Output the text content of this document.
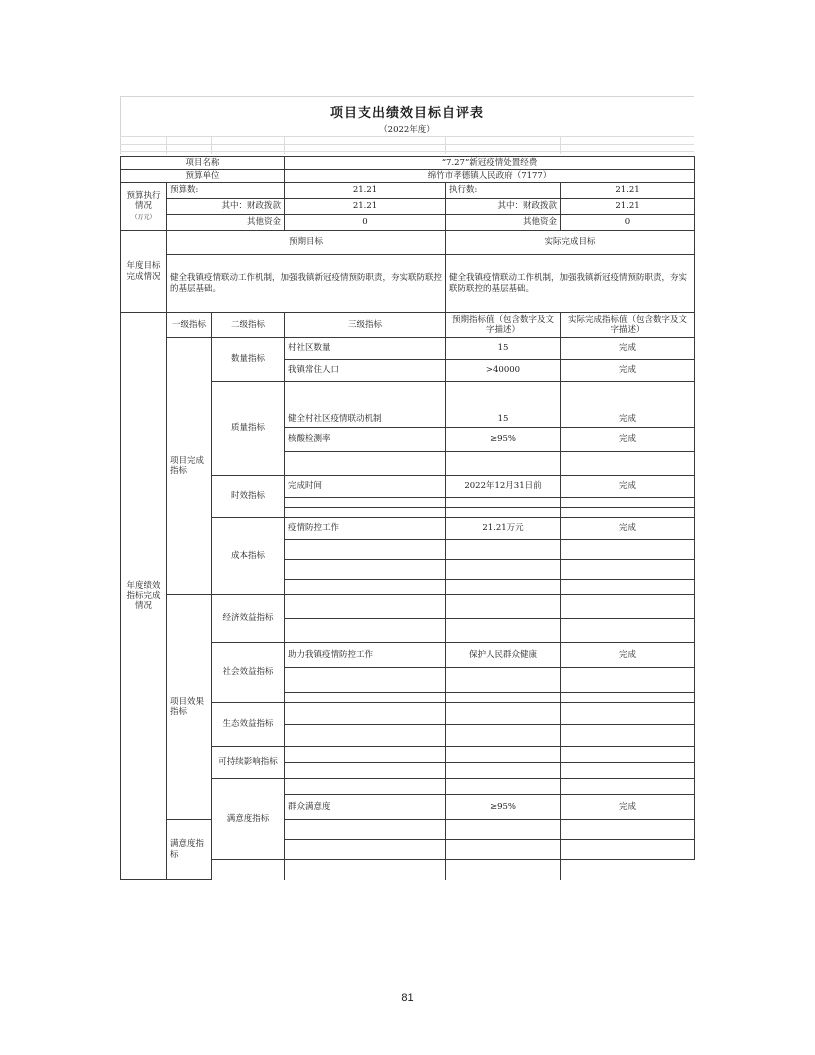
项目支出绩效目标自评表
（2022年度）
项目名称			“7.27”新冠疫情处置经费			
预算单位			绵竹市孝德镇人民政府（7177）			
预算执行情况
（万元）	预算数:		21.21	执行数:	21.21	
	其中：财政拨款		21.21	其中：财政拨款	21.21	
	其他资金		0	其他资金	0	
年度目标完成情况	预期目标			实际完成目标		
	健全我镇疫情联动工作机制，加强我镇新冠疫情预防职责，夯实联防联控的基层基础。			健全我镇疫情联动工作机制，加强我镇新冠疫情预防职责，夯实联防联控的基层基础。		
年度绩效指标完成情况	一级指标	二级指标	三级指标	预期指标值（包含数字及文字描述）	实际完成指标值（包含数字及文字描述）	
	项目完成指标	数量指标	村社区数量	15	完成	
			我镇常住人口	>40000	完成	
		质量指标	健全村社区疫情联动机制	15	完成	
			核酸检测率	≥95%	完成	

		时效指标	完成时间	2022年12月31日前	完成	

		成本指标	疫情防控工作	21.21万元	完成	

	项目效果指标	经济效益指标				

		社会效益指标	助力我镇疫情防控工作	保护人民群众健康	完成	

		生态效益指标				

		可持续影响指标				

		满意度指标				
			群众满意度	≥95%	完成	
	满意度指标					

81
